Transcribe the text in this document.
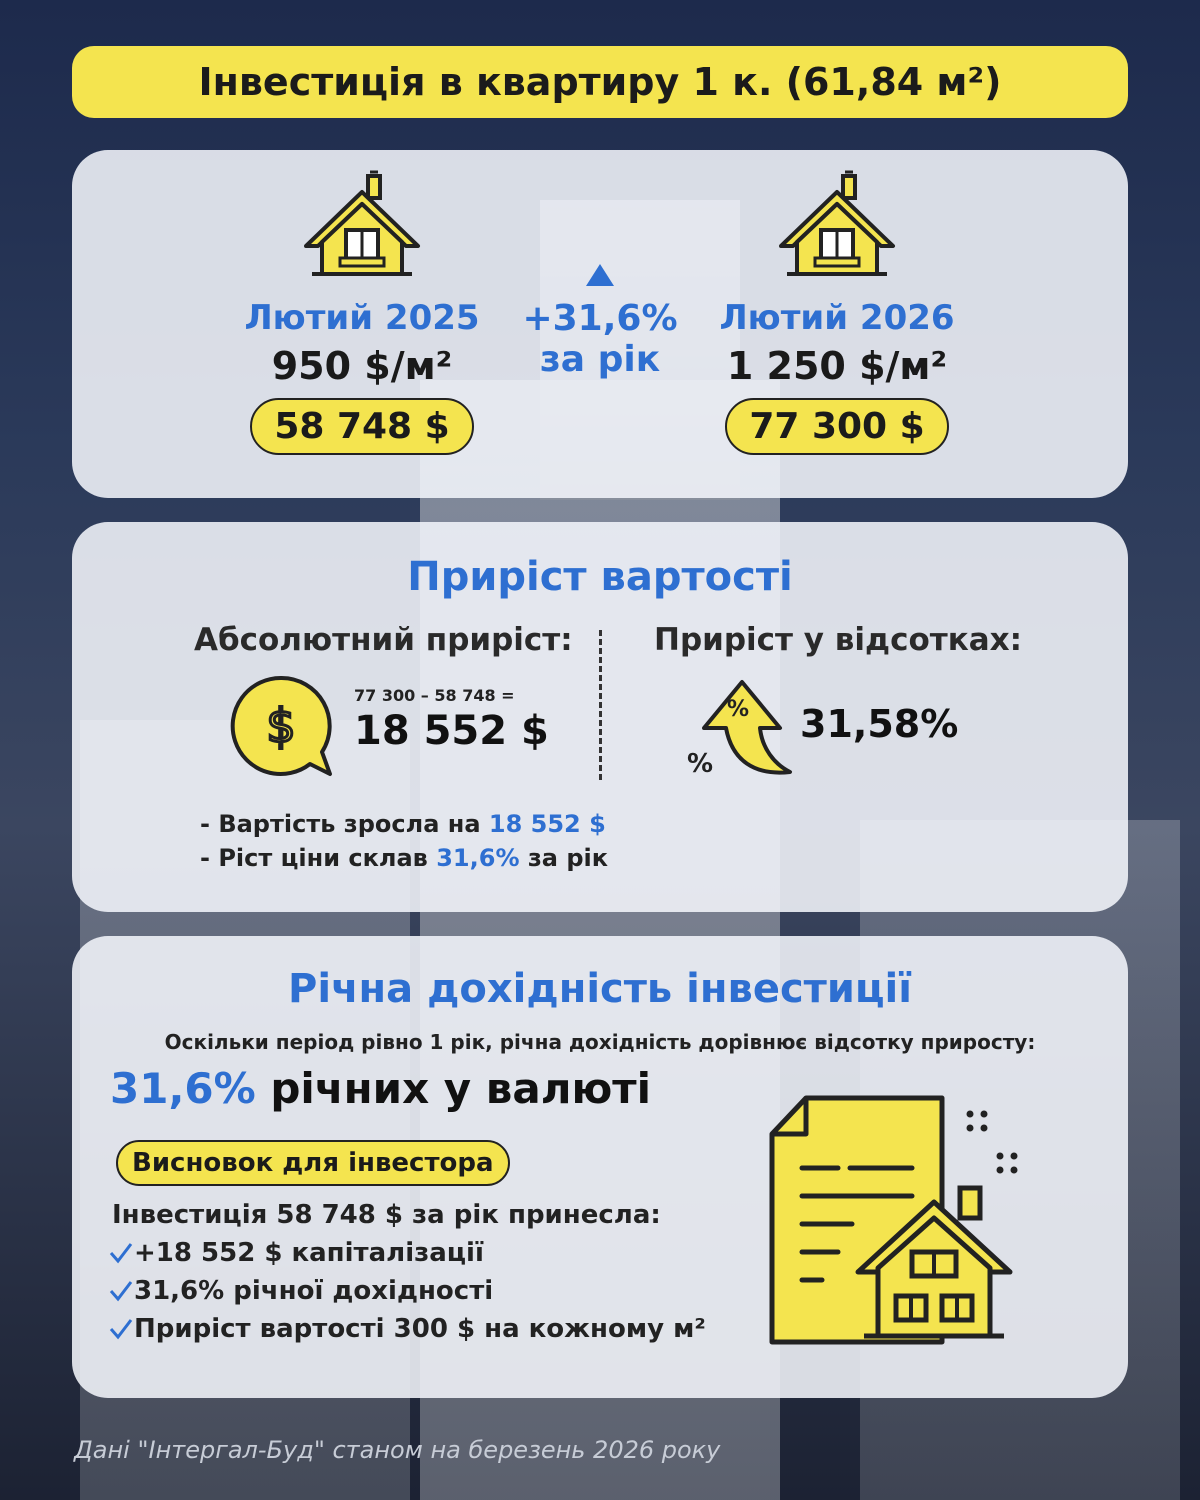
Інвестиція в квартиру 1 к. (61,84 м²)
Лютий 2025
950 $/м²
58 748 $
+31,6%
за рік
Лютий 2026
1 250 $/м²
77 300 $
Приріст вартості
Абсолютний приріст:	Приріст у відсотках:
$
77 300 – 58 748 =
18 552 $	%
%
31,58%
- Вартість зросла на 18 552 $
- Ріст ціни склав 31,6% за рік
Річна дохідність інвестиції
Оскільки період рівно 1 рік, річна дохідність дорівнює відсотку приросту:
31,6% річних у валюті
Висновок для інвестора
Інвестиція 58 748 $ за рік принесла:
+18 552 $ капіталізації
31,6% річної дохідності
Приріст вартості 300 $ на кожному м²
Дані "Інтергал-Буд" станом на березень 2026 року
